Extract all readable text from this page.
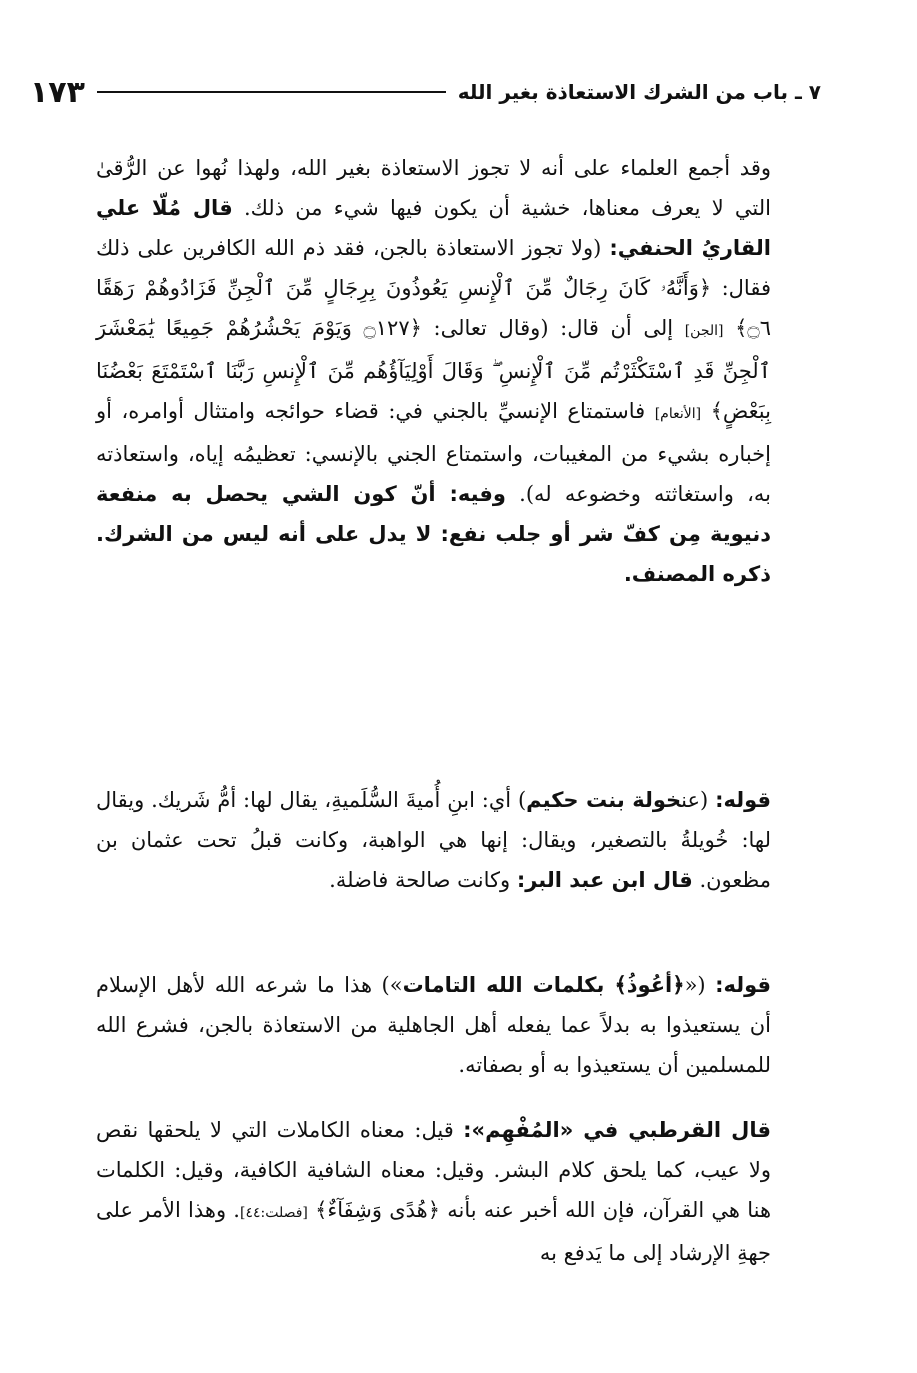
٧ ـ باب من الشرك الاستعاذة بغير الله
١٧٣

وقد أجمع العلماء على أنه لا تجوز الاستعاذة بغير الله، ولهذا نُهوا عن الرُّقىٰ التي لا يعرف معناها، خشية أن يكون فيها شيء من ذلك. قال مُلّا علي القاريُ الحنفي: (ولا تجوز الاستعاذة بالجن، فقد ذم الله الكافرين على ذلك فقال: ﴿وَأَنَّهُۥ كَانَ رِجَالٌ مِّنَ ٱلْإِنسِ يَعُوذُونَ بِرِجَالٍ مِّنَ ٱلْجِنِّ فَزَادُوهُمْ رَهَقًا ۝٦﴾ [الجن] إلى أن قال: (وقال تعالى: ﴿۝١٢٧ وَيَوْمَ يَحْشُرُهُمْ جَمِيعًا يَٰمَعْشَرَ ٱلْجِنِّ قَدِ ٱسْتَكْثَرْتُم مِّنَ ٱلْإِنسِ ۖ وَقَالَ أَوْلِيَآؤُهُم مِّنَ ٱلْإِنسِ رَبَّنَا ٱسْتَمْتَعَ بَعْضُنَا بِبَعْضٍ﴾ [الأنعام] فاستمتاع الإنسيِّ بالجني في: قضاء حوائجه وامتثال أوامره، أو إخباره بشيء من المغيبات، واستمتاع الجني بالإنسي: تعظيمُه إياه، واستعاذته به، واستغاثته وخضوعه له). وفيه: أنّ كون الشي يحصل به منفعة دنيوية مِن كفّ شر أو جلب نفع: لا يدل على أنه ليس من الشرك. ذكره المصنف.

قوله: (عنخولة بنت حكيم) أي: ابنِ أُميةَ السُّلَميةِ، يقال لها: أمُّ شَريك. ويقال لها: خُويلةُ بالتصغير، ويقال: إنها هي الواهبة، وكانت قبلُ تحت عثمان بن مظعون. قال ابن عبد البر: وكانت صالحة فاضلة.

قوله: («﴿أعُوذُ﴾ بكلمات الله التامات») هذا ما شرعه الله لأهل الإسلام أن يستعيذوا به بدلاً عما يفعله أهل الجاهلية من الاستعاذة بالجن، فشرع الله للمسلمين أن يستعيذوا به أو بصفاته.

قال القرطبي في «المُفْهِم»: قيل: معناه الكاملات التي لا يلحقها نقص ولا عيب، كما يلحق كلام البشر. وقيل: معناه الشافية الكافية، وقيل: الكلمات هنا هي القرآن، فإن الله أخبر عنه بأنه ﴿هُدًى وَشِفَآءٌ﴾ [فصلت:٤٤]. وهذا الأمر على جهةِ الإرشاد إلى ما يَدفع به
